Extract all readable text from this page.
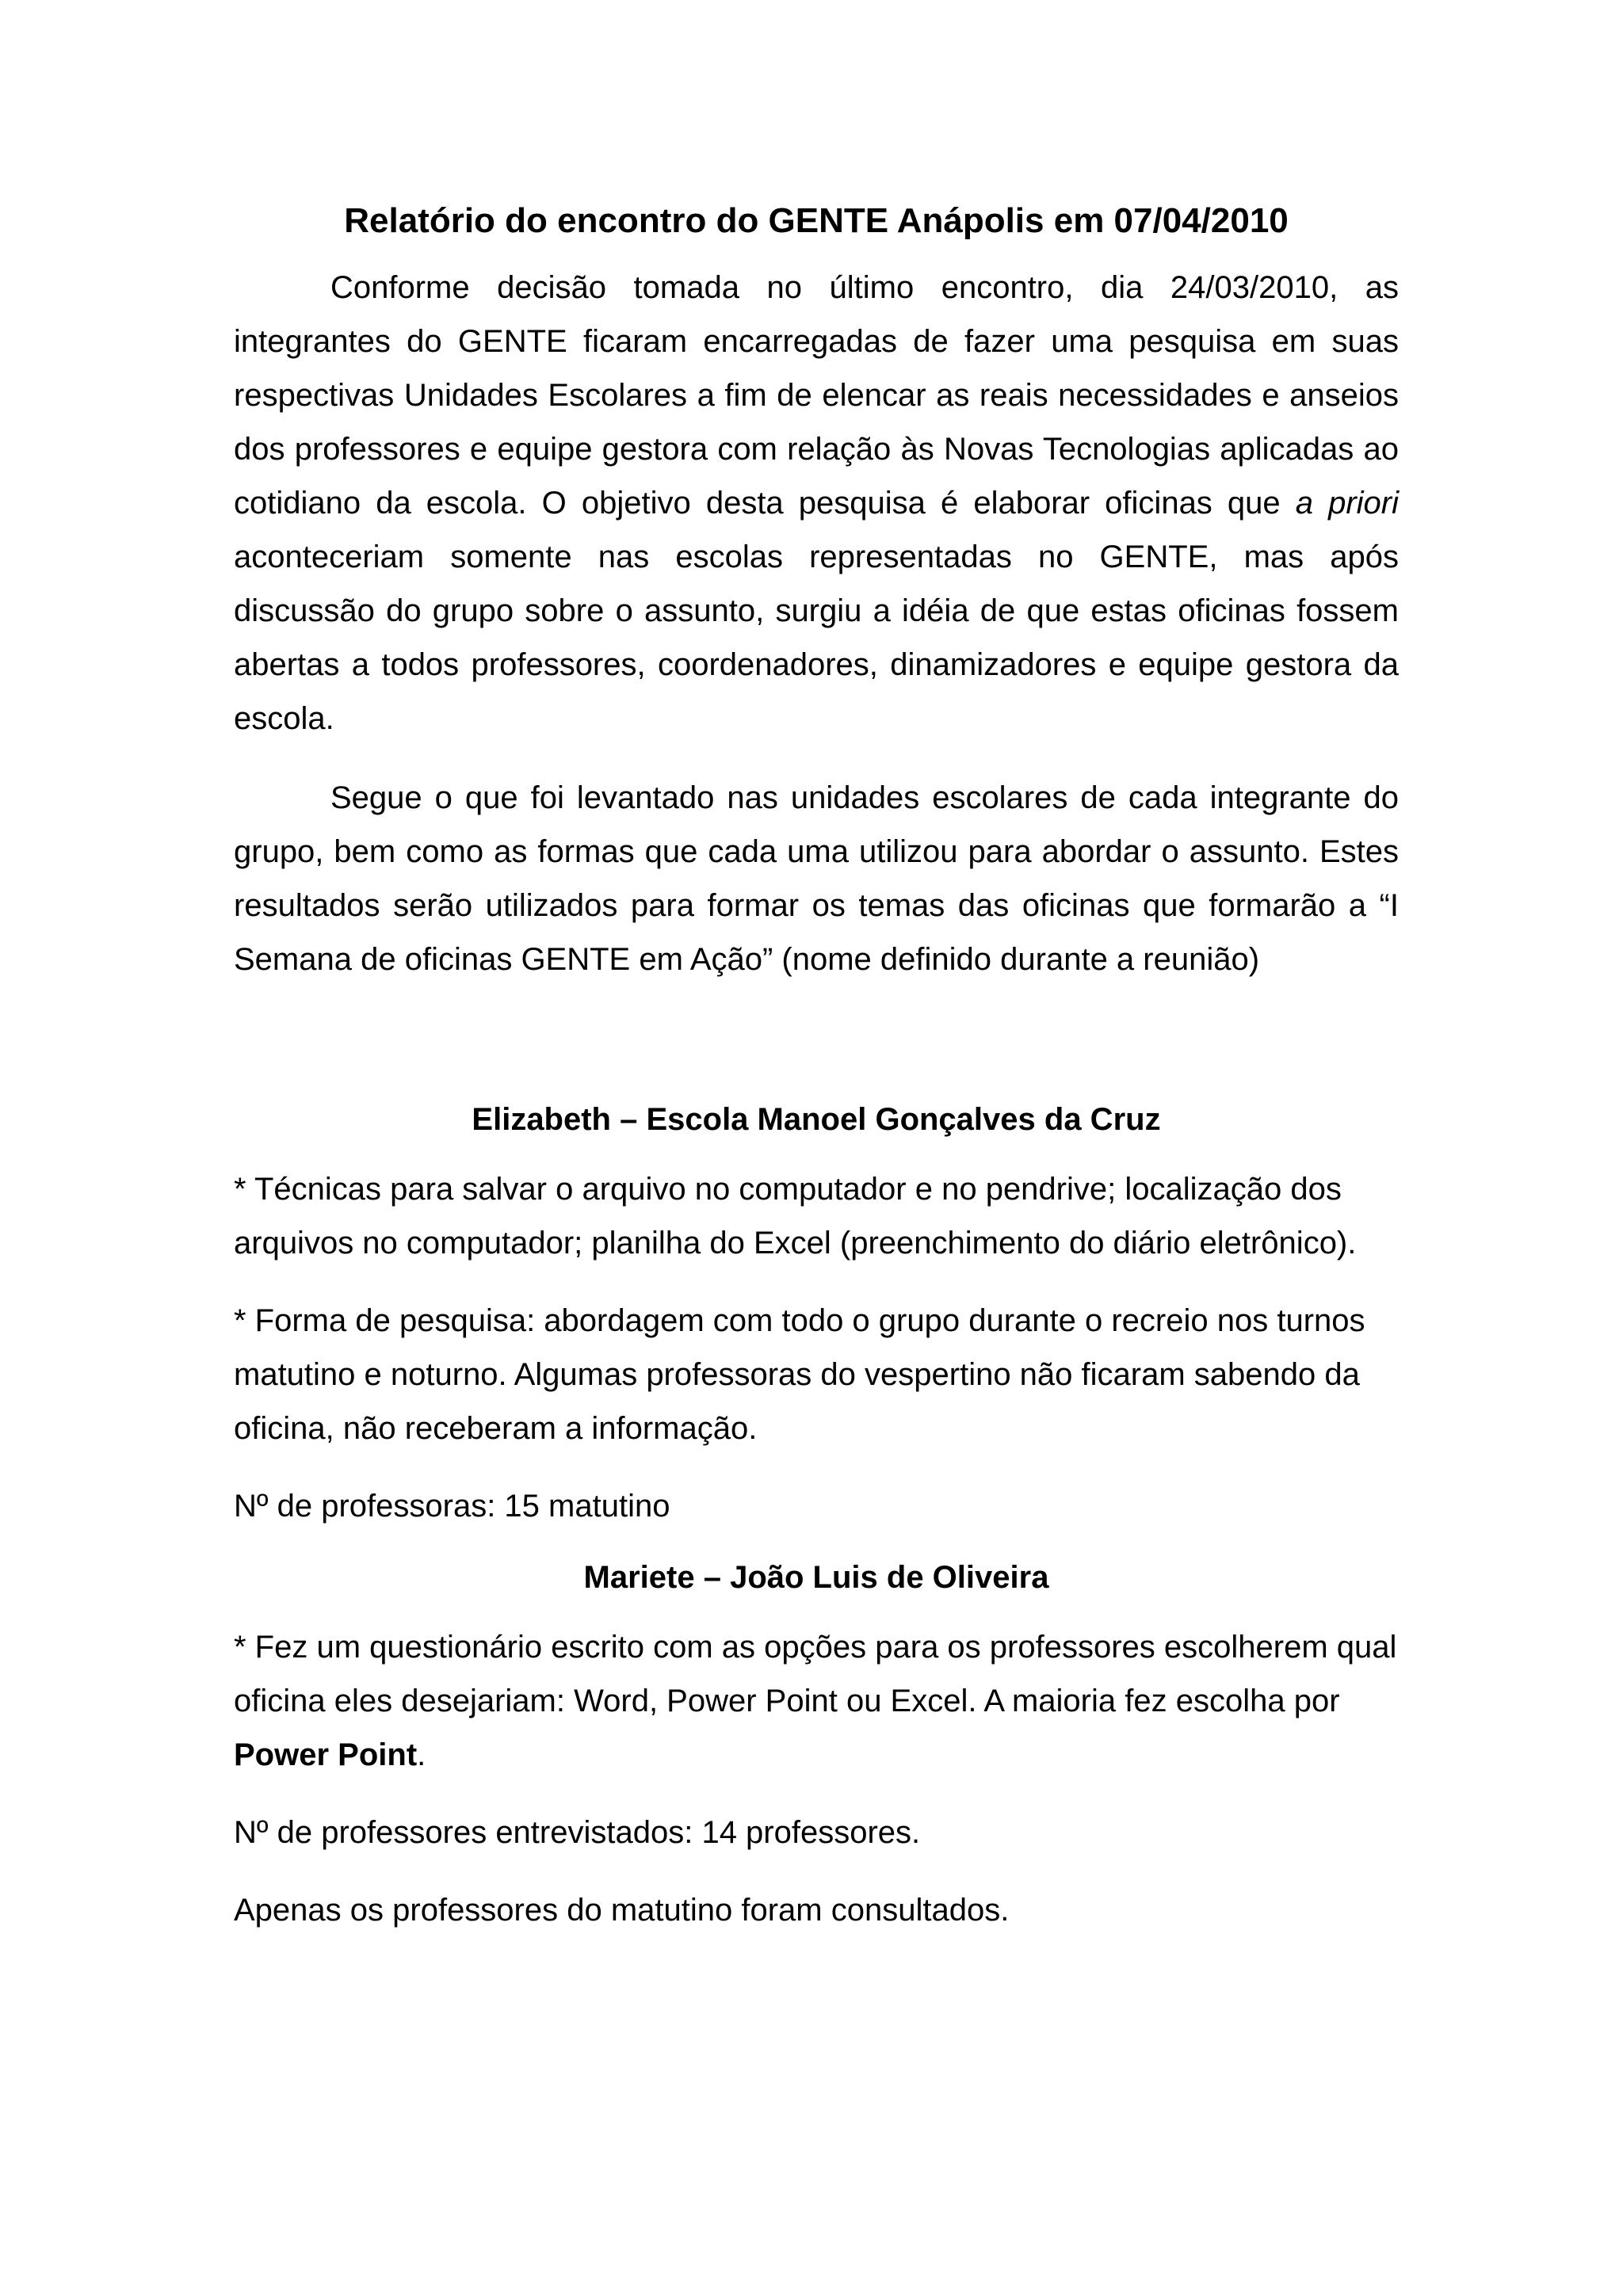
Relatório do encontro do GENTE Anápolis em 07/04/2010

Conforme decisão tomada no último encontro, dia 24/03/2010, as integrantes do GENTE ficaram encarregadas de fazer uma pesquisa em suas respectivas Unidades Escolares a fim de elencar as reais necessidades e anseios dos professores e equipe gestora com relação às Novas Tecnologias aplicadas ao cotidiano da escola. O objetivo desta pesquisa é elaborar oficinas que a priori aconteceriam somente nas escolas representadas no GENTE, mas após discussão do grupo sobre o assunto, surgiu a idéia de que estas oficinas fossem abertas a todos professores, coordenadores, dinamizadores e equipe gestora da escola.

Segue o que foi levantado nas unidades escolares de cada integrante do grupo, bem como as formas que cada uma utilizou para abordar o assunto. Estes resultados serão utilizados para formar os temas das oficinas que formarão a “I Semana de oficinas GENTE em Ação” (nome definido durante a reunião)

Elizabeth – Escola Manoel Gonçalves da Cruz

* Técnicas para salvar o arquivo no computador e no pendrive; localização dos arquivos no computador; planilha do Excel (preenchimento do diário eletrônico).

* Forma de pesquisa: abordagem com todo o grupo durante o recreio nos turnos matutino e noturno. Algumas professoras do vespertino não ficaram sabendo da oficina, não receberam a informação.

Nº de professoras: 15 matutino

Mariete – João Luis de Oliveira

* Fez um questionário escrito com as opções para os professores escolherem qual oficina eles desejariam: Word, Power Point ou Excel. A maioria fez escolha por Power Point.

Nº de professores entrevistados: 14 professores.

Apenas os professores do matutino foram consultados.
